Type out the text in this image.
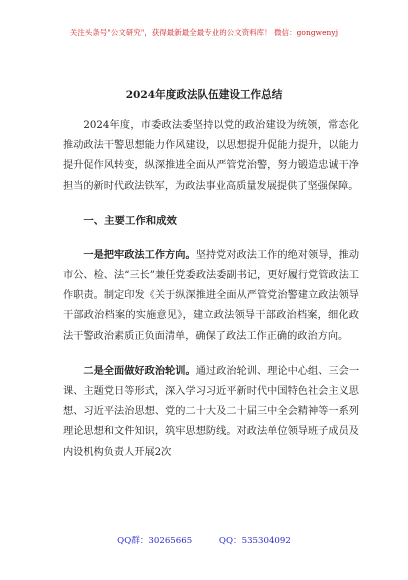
关注头条号"公文研究"，获得最新最全最专业的公文资料库！ 微信：gongwenyj
2024年度政法队伍建设工作总结

2024年度，市委政法委坚持以党的政治建设为统领，常态化推动政法干警思想能力作风建设，以思想提升促能力提升，以能力提升促作风转变，纵深推进全面从严管党治警，努力锻造忠诚干净担当的新时代政法铁军，为政法事业高质量发展提供了坚强保障。

一、主要工作和成效

一是把牢政法工作方向。坚持党对政法工作的绝对领导，推动市公、检、法“三长”兼任党委政法委副书记，更好履行党管政法工作职责。制定印发《关于纵深推进全面从严管党治警建立政法领导干部政治档案的实施意见》，建立政法领导干部政治档案，细化政法干警政治素质正负面清单，确保了政法工作正确的政治方向。

二是全面做好政治轮训。通过政治轮训、理论中心组、三会一课、主题党日等形式，深入学习习近平新时代中国特色社会主义思想、习近平法治思想、党的二十大及二十届三中全会精神等一系列理论思想和文件知识，筑牢思想防线。对政法单位领导班子成员及内设机构负责人开展2次

QQ群：30265665	QQ：535304092
